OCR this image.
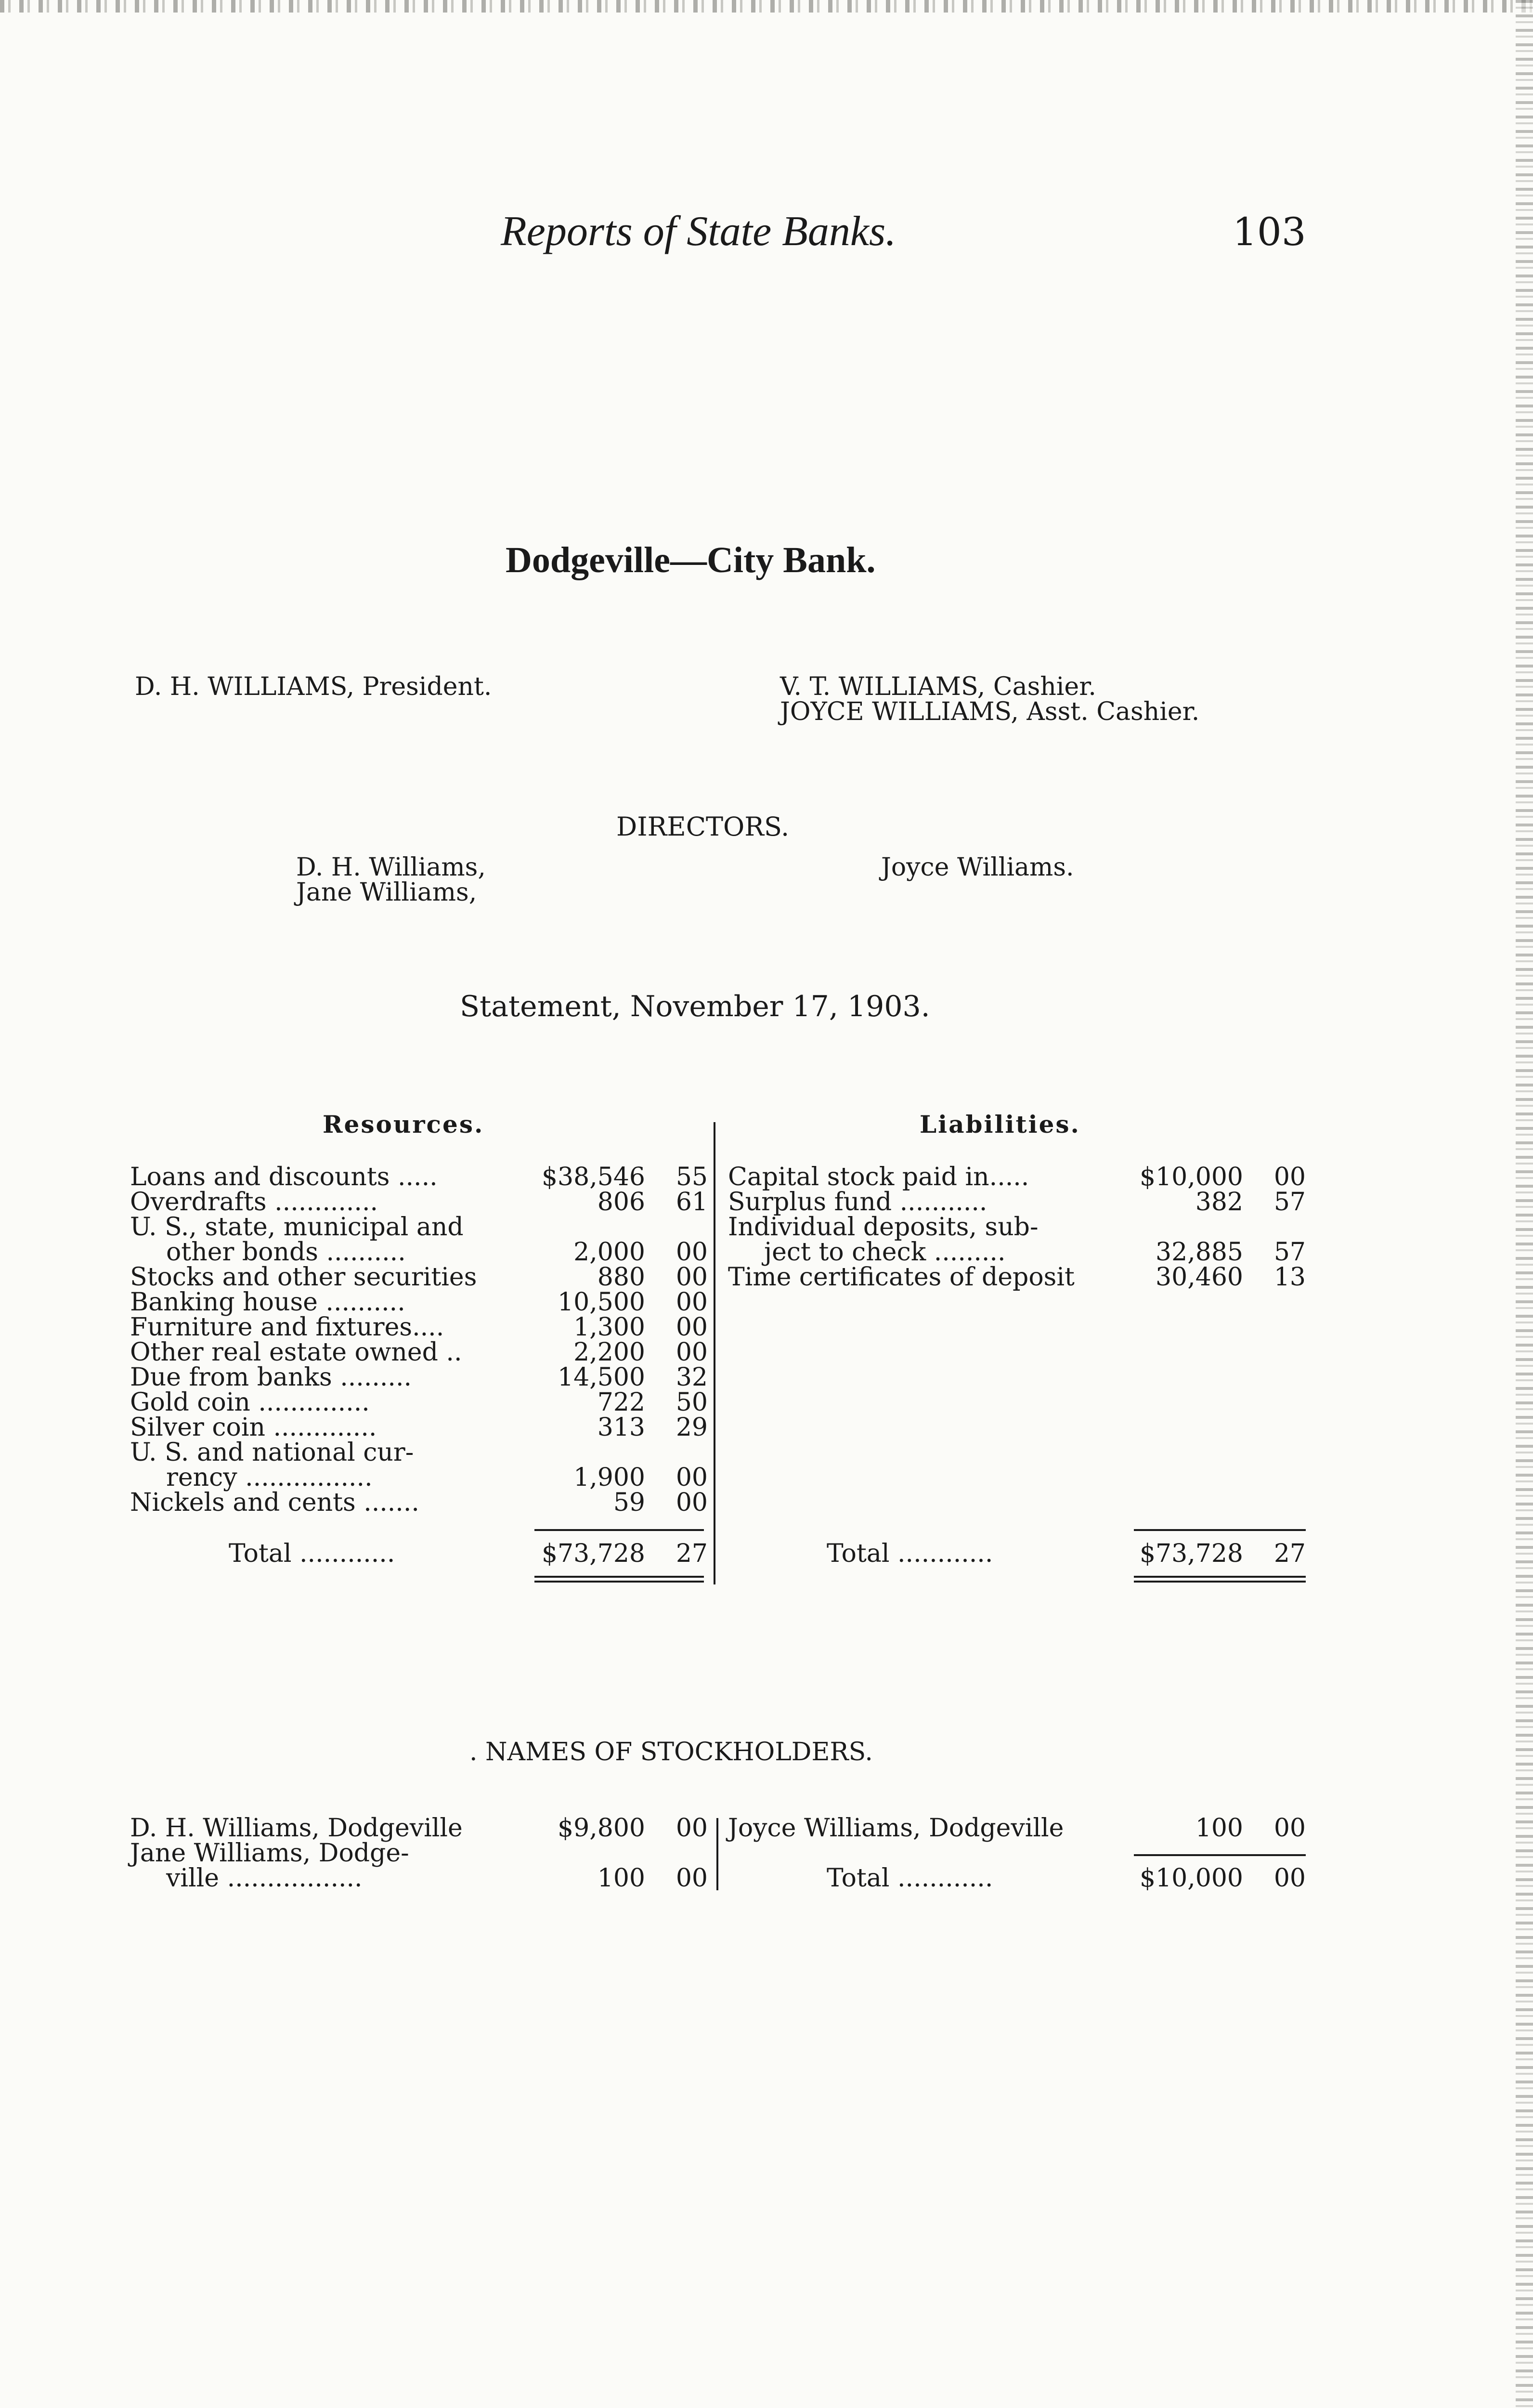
Reports of State Banks.	103
Dodgeville—City Bank.
D. H. WILLIAMS, President.	V. T. WILLIAMS, Cashier.
JOYCE WILLIAMS, Asst. Cashier.
DIRECTORS.
D. H. Williams,
Jane Williams,
Joyce Williams.
Statement, November 17, 1903.
Resources.	Liabilities.
Loans and discounts .....	$38,546 55
Overdrafts .............	806 61
U. S., state, municipal and
other bonds ..........	2,000 00
Stocks and other securities	880 00
Banking house ..........	10,500 00
Furniture and fixtures....	1,300 00
Other real estate owned ..	2,200 00
Due from banks .........	14,500 32
Gold coin ..............	722 50
Silver coin .............	313 29
U. S. and national cur-
rency ................	1,900 00
Nickels and cents .......	59 00
Total ............	$73,728 27
Capital stock paid in.....	$10,000 00
Surplus fund ...........	382 57
Individual deposits, sub-
ject to check .........	32,885 57
Time certificates of deposit	30,460 13
Total ............	$73,728 27
. NAMES OF STOCKHOLDERS.
D. H. Williams, Dodgeville	$9,800 00
Jane Williams, Dodge-
ville .................	100 00
Joyce Williams, Dodgeville	100 00
Total ............	$10,000 00
